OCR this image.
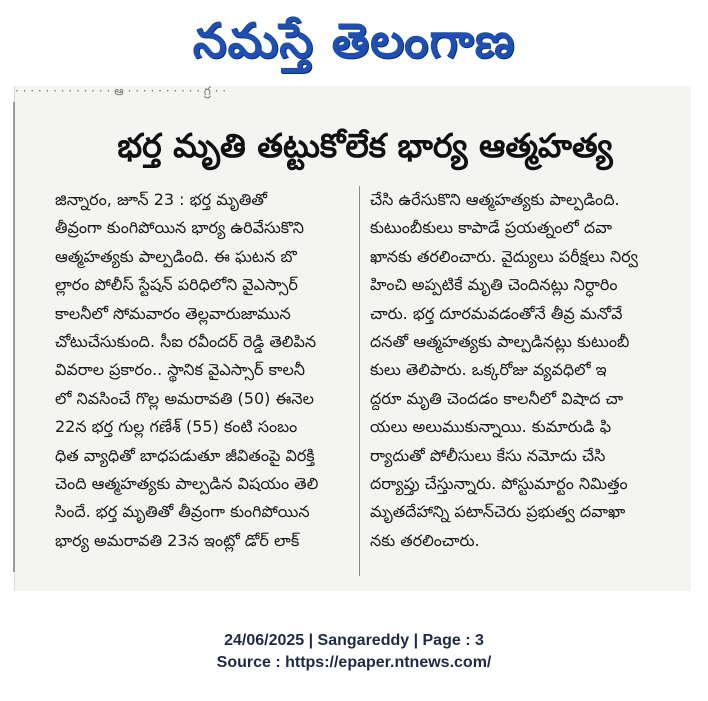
నమస్తే తెలంగాణ
· · · · · · · · · · · · · ఆ · · · · · · · · · · గ్ర · ·
భర్త మృతి తట్టుకోలేక భార్య ఆత్మహత్య
జిన్నారం, జూన్ 23 : భర్త మృతితో
తీవ్రంగా కుంగిపోయిన భార్య ఉరివేసుకొని
ఆత్మహత్యకు పాల్పడింది. ఈ ఘటన బొ
ల్లారం పోలీస్ స్టేషన్ పరిధిలోని వైఎస్సార్
కాలనీలో సోమవారం తెల్లవారుజామున
చోటుచేసుకుంది. సీఐ రవీందర్ రెడ్డి తెలిపిన
వివరాల ప్రకారం.. స్థానిక వైఎస్సార్ కాలనీ
లో నివసించే గొల్ల అమరావతి (50) ఈనెల
22న భర్త గుల్ల గణేశ్ (55) కంటి సంబం
ధిత వ్యాధితో బాధపడుతూ జీవితంపై విరక్తి
చెంది ఆత్మహత్యకు పాల్పడిన విషయం తెలి
సిందే. భర్త మృతితో తీవ్రంగా కుంగిపోయిన
భార్య అమరావతి 23న ఇంట్లో డోర్ లాక్
చేసి ఉరేసుకొని ఆత్మహత్యకు పాల్పడింది.
కుటుంబీకులు కాపాడే ప్రయత్నంలో దవా
ఖానకు తరలించారు. వైద్యులు పరీక్షలు నిర్వ
హించి అప్పటికే మృతి చెందినట్లు నిర్ధారిం
చారు. భర్త దూరమవడంతోనే తీవ్ర మనోవే
దనతో ఆత్మహత్యకు పాల్పడినట్లు కుటుంబీ
కులు తెలిపారు. ఒక్కరోజు వ్యవధిలో ఇ
ద్దరూ మృతి చెందడం కాలనీలో విషాద చా
యలు అలుముకున్నాయి. కుమారుడి ఫి
ర్యాదుతో పోలీసులు కేసు నమోదు చేసి
దర్యాప్తు చేస్తున్నారు. పోస్టుమార్టం నిమిత్తం
మృతదేహాన్ని పటాన్‌చెరు ప్రభుత్వ దవాఖా
నకు తరలించారు.
24/06/2025 | Sangareddy | Page : 3
Source : https://epaper.ntnews.com/
